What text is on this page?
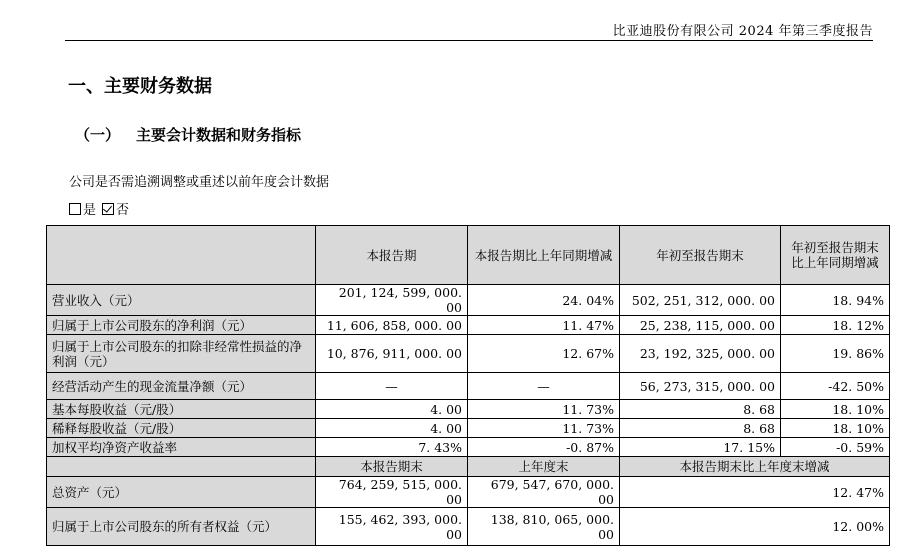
比亚迪股份有限公司 2024 年第三季度报告
一、主要财务数据
（一） 主要会计数据和财务指标
公司是否需追溯调整或重述以前年度会计数据
是	否
	本报告期	本报告期比上年同期增减	年初至报告期末	年初至报告期末比上年同期增减
营业收入（元）	201, 124, 599, 000. 00	24. 04%	502, 251, 312, 000. 00	18. 94%
归属于上市公司股东的净利润（元）	11, 606, 858, 000. 00	11. 47%	25, 238, 115, 000. 00	18. 12%
归属于上市公司股东的扣除非经常性损益的净利润（元）	10, 876, 911, 000. 00	12. 67%	23, 192, 325, 000. 00	19. 86%
经营活动产生的现金流量净额（元）	—	—	56, 273, 315, 000. 00	-42. 50%
基本每股收益（元/股）	4. 00	11. 73%	8. 68	18. 10%
稀释每股收益（元/股）	4. 00	11. 73%	8. 68	18. 10%
加权平均净资产收益率	7. 43%	-0. 87%	17. 15%	-0. 59%
	本报告期末	上年度末	本报告期末比上年度末增减	
总资产（元）	764, 259, 515, 000. 00	679, 547, 670, 000. 00	12. 47%	
归属于上市公司股东的所有者权益（元）	155, 462, 393, 000. 00	138, 810, 065, 000. 00	12. 00%	
